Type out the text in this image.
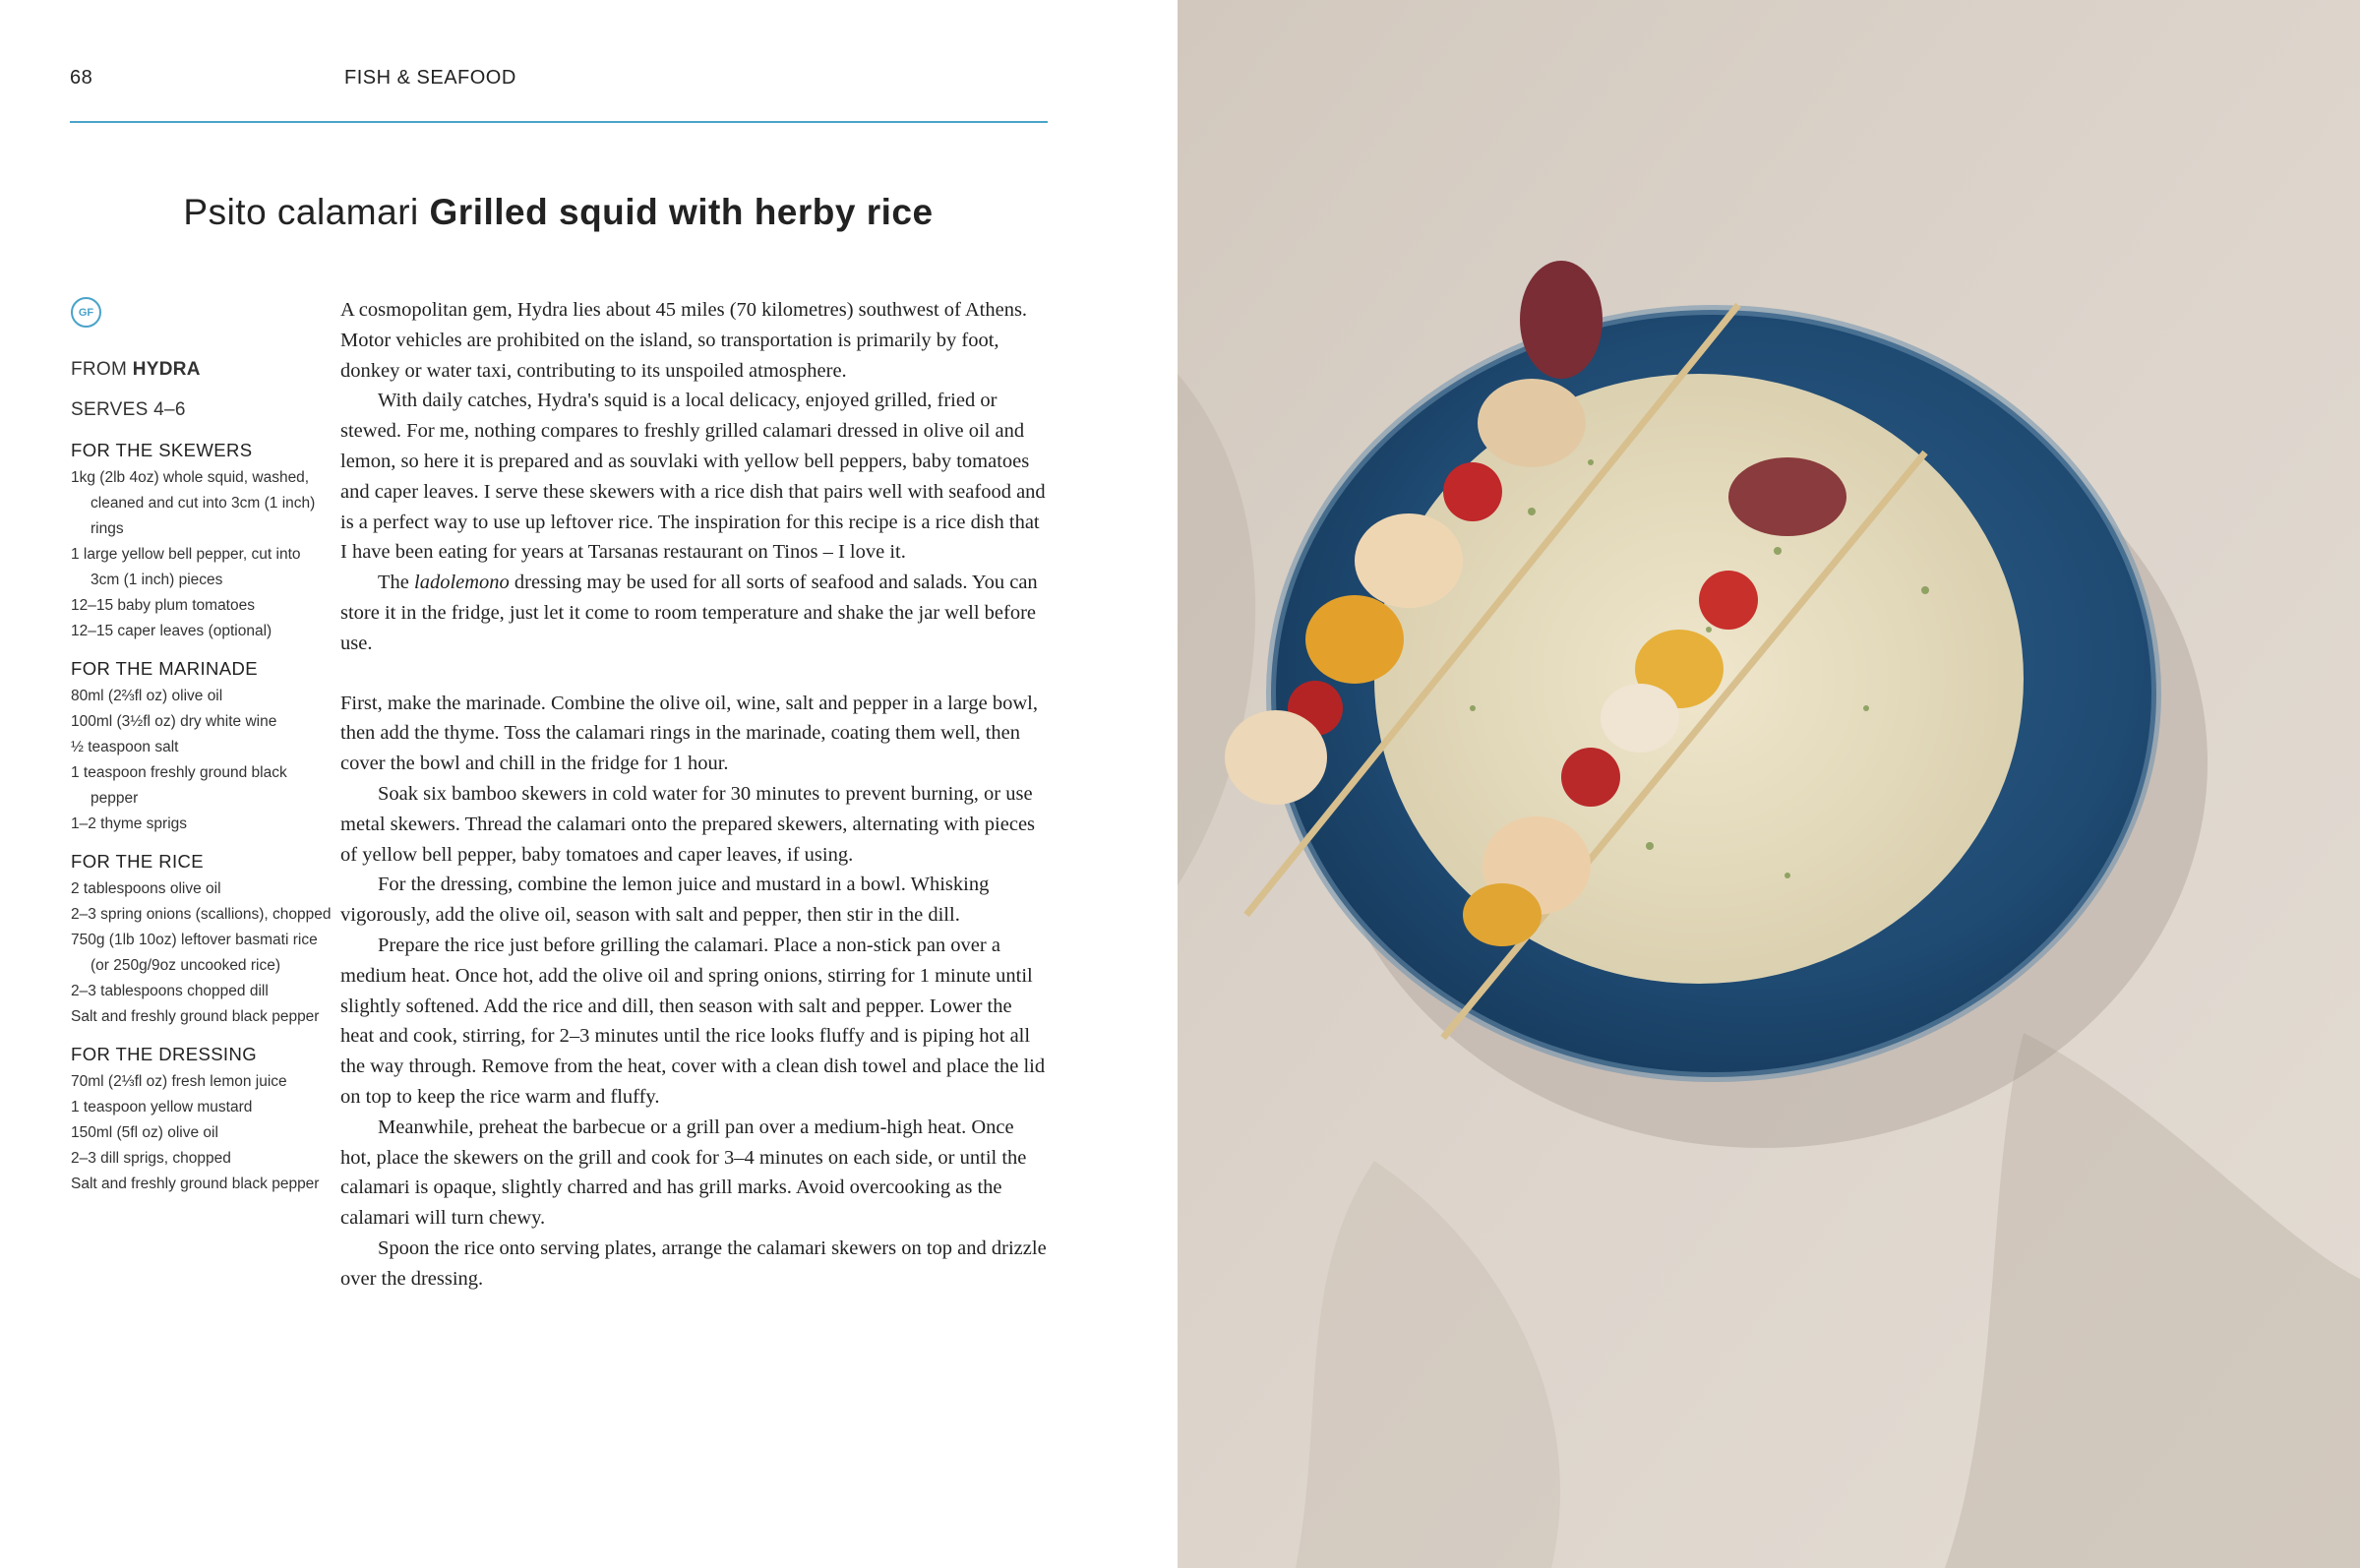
68	FISH & SEAFOOD
Psito calamari Grilled squid with herby rice
GF
FROM HYDRA
SERVES 4–6
FOR THE SKEWERS
1kg (2lb 4oz) whole squid, washed, cleaned and cut into 3cm (1 inch) rings
1 large yellow bell pepper, cut into 3cm (1 inch) pieces
12–15 baby plum tomatoes
12–15 caper leaves (optional)
FOR THE MARINADE
80ml (2⅔fl oz) olive oil
100ml (3½fl oz) dry white wine
½ teaspoon salt
1 teaspoon freshly ground black pepper
1–2 thyme sprigs
FOR THE RICE
2 tablespoons olive oil
2–3 spring onions (scallions), chopped
750g (1lb 10oz) leftover basmati rice (or 250g/9oz uncooked rice)
2–3 tablespoons chopped dill
Salt and freshly ground black pepper
FOR THE DRESSING
70ml (2⅓fl oz) fresh lemon juice
1 teaspoon yellow mustard
150ml (5fl oz) olive oil
2–3 dill sprigs, chopped
Salt and freshly ground black pepper

A cosmopolitan gem, Hydra lies about 45 miles (70 kilometres) southwest of Athens. Motor vehicles are prohibited on the island, so transportation is primarily by foot, donkey or water taxi, contributing to its unspoiled atmosphere.

With daily catches, Hydra's squid is a local delicacy, enjoyed grilled, fried or stewed. For me, nothing compares to freshly grilled calamari dressed in olive oil and lemon, so here it is prepared and as souvlaki with yellow bell peppers, baby tomatoes and caper leaves. I serve these skewers with a rice dish that pairs well with seafood and is a perfect way to use up leftover rice. The inspiration for this recipe is a rice dish that I have been eating for years at Tarsanas restaurant on Tinos – I love it.

The ladolemono dressing may be used for all sorts of seafood and salads. You can store it in the fridge, just let it come to room temperature and shake the jar well before use.

First, make the marinade. Combine the olive oil, wine, salt and pepper in a large bowl, then add the thyme. Toss the calamari rings in the marinade, coating them well, then cover the bowl and chill in the fridge for 1 hour.

Soak six bamboo skewers in cold water for 30 minutes to prevent burning, or use metal skewers. Thread the calamari onto the prepared skewers, alternating with pieces of yellow bell pepper, baby tomatoes and caper leaves, if using.

For the dressing, combine the lemon juice and mustard in a bowl. Whisking vigorously, add the olive oil, season with salt and pepper, then stir in the dill.

Prepare the rice just before grilling the calamari. Place a non-stick pan over a medium heat. Once hot, add the olive oil and spring onions, stirring for 1 minute until slightly softened. Add the rice and dill, then season with salt and pepper. Lower the heat and cook, stirring, for 2–3 minutes until the rice looks fluffy and is piping hot all the way through. Remove from the heat, cover with a clean dish towel and place the lid on top to keep the rice warm and fluffy.

Meanwhile, preheat the barbecue or a grill pan over a medium-high heat. Once hot, place the skewers on the grill and cook for 3–4 minutes on each side, or until the calamari is opaque, slightly charred and has grill marks. Avoid overcooking as the calamari will turn chewy.

Spoon the rice onto serving plates, arrange the calamari skewers on top and drizzle over the dressing.
